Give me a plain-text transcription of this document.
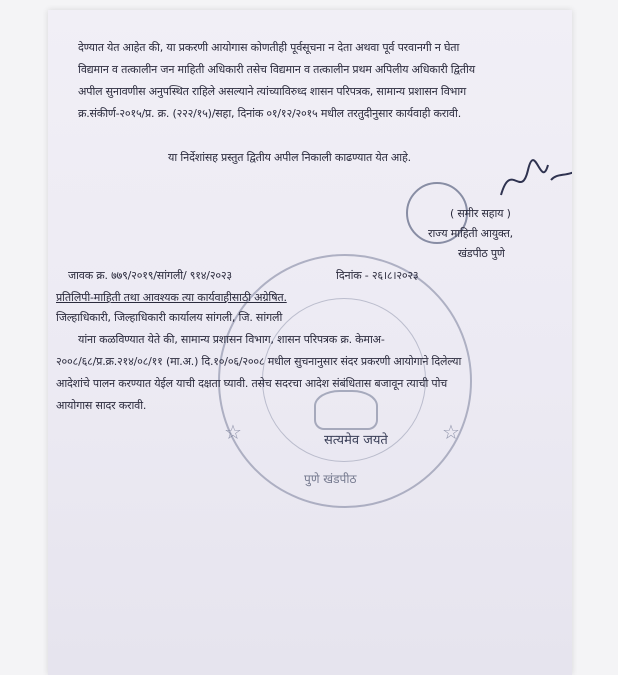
देण्यात येत आहेत की, या प्रकरणी आयोगास कोणतीही पूर्वसूचना न देता अथवा पूर्व परवानगी न घेता
विद्यमान व तत्कालीन जन माहिती अधिकारी तसेच विद्यमान व तत्कालीन प्रथम अपिलीय अधिकारी द्वितीय
अपील सुनावणीस अनुपस्थित राहिले असल्याने त्यांच्याविरुध्द शासन परिपत्रक, सामान्य प्रशासन विभाग
क्र.संकीर्ण-२०१५/प्र. क्र. (२२२/१५)/सहा, दिनांक ०१/१२/२०१५ मधील तरतुदीनुसार कार्यवाही करावी.
या निर्देशांसह प्रस्तुत द्वितीय अपील निकाली काढण्यात येत आहे.
( समीर सहाय )
राज्य माहिती आयुक्त,
खंडपीठ पुणे
☆	☆
सत्यमेव जयते
पुणे खंडपीठ
जावक क्र. ७७९/२०१९/सांगली/ ९१४/२०२३	दिनांक - २६।८।२०२३
प्रतिलिपी-माहिती तथा आवश्यक त्या कार्यवाहीसाठी अग्रेषित.
जिल्हाधिकारी, जिल्हाधिकारी कार्यालय सांगली, जि. सांगली
यांना कळविण्यात येते की, सामान्य प्रशासन विभाग, शासन परिपत्रक क्र. केमाअ-
२००८/६८/प्र.क्र.२१४/०८/११ (मा.अ.) दि.१०/०६/२००८ मधील सुचनानुसार संदर प्रकरणी आयोगाने दिलेल्या
आदेशांचे पालन करण्यात येईल याची दक्षता घ्यावी. तसेच सदरचा आदेश संबंधितास बजावून त्याची पोच
आयोगास सादर करावी.
